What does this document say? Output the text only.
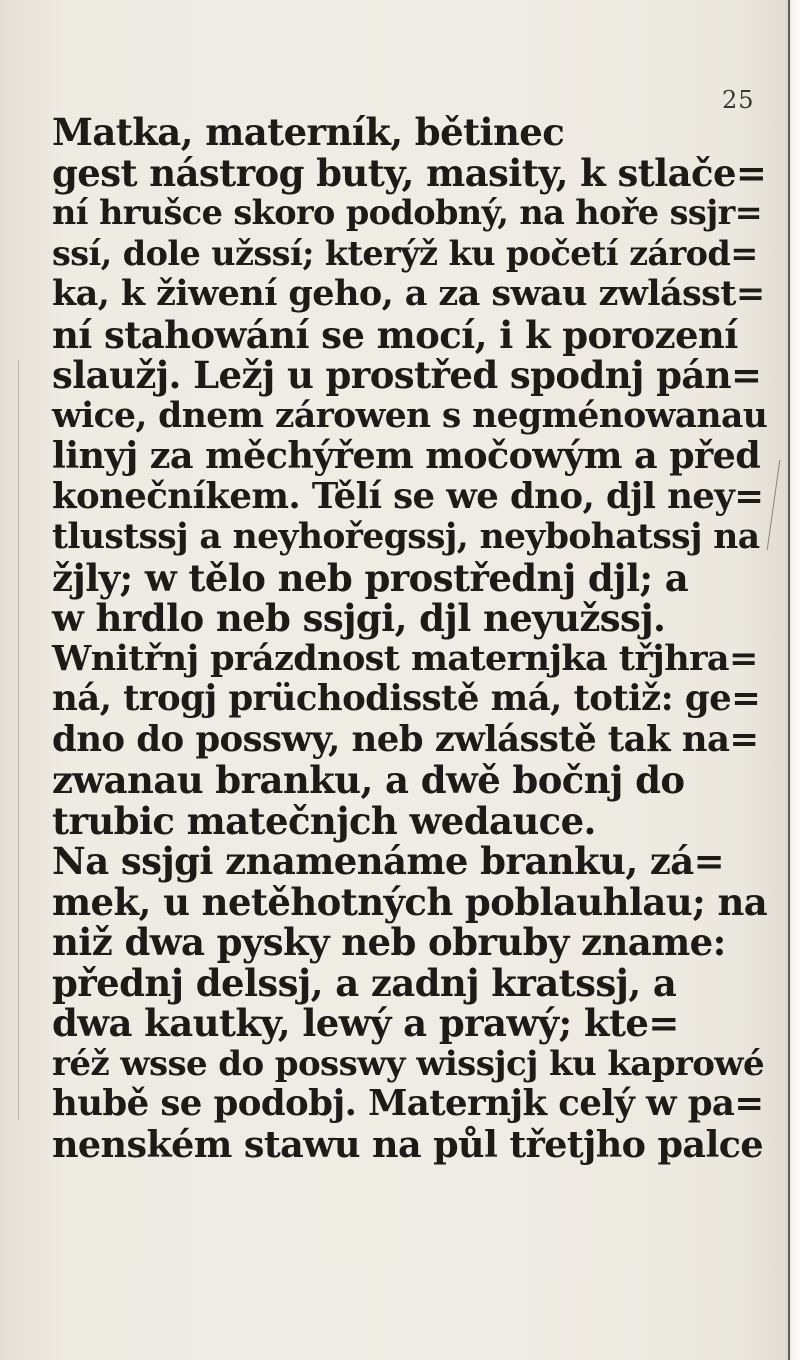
25
Matka, materník, bětinec
gest nástrog buty, masity, k stlače=
ní hrušce skoro podobný, na hoře ssjr=
ssí, dole užssí; kterýž ku početí zárod=
ka, k žiwení geho, a za swau zwlásst=
ní stahowání se mocí, i k porození
slaužj. Ležj u prostřed spodnj pán=
wice, dnem zárowen s negménowanau
linyj za měchýřem močowým a před
konečníkem. Tělí se we dno, djl ney=
tlustssj a neyhořegssj, neybohatssj na
žjly; w tělo neb prostřednj djl; a
w hrdlo neb ssjgi, djl neyužssj.
Wnitřnj prázdnost maternjka třjhra=
ná, trogj prüchodisstě má, totiž: ge=
dno do posswy, neb zwlásstě tak na=
zwanau branku, a dwě bočnj do
trubic matečnjch wedauce.
Na ssjgi znamenáme branku, zá=
mek, u netěhotných poblauhlau; na
niž dwa pysky neb obruby zname:
přednj delssj, a zadnj kratssj, a
dwa kautky, lewý a prawý; kte=
réž wsse do posswy wissjcj ku kaprowé
hubě se podobj. Maternjk celý w pa=
nenském stawu na půl třetjho palce
